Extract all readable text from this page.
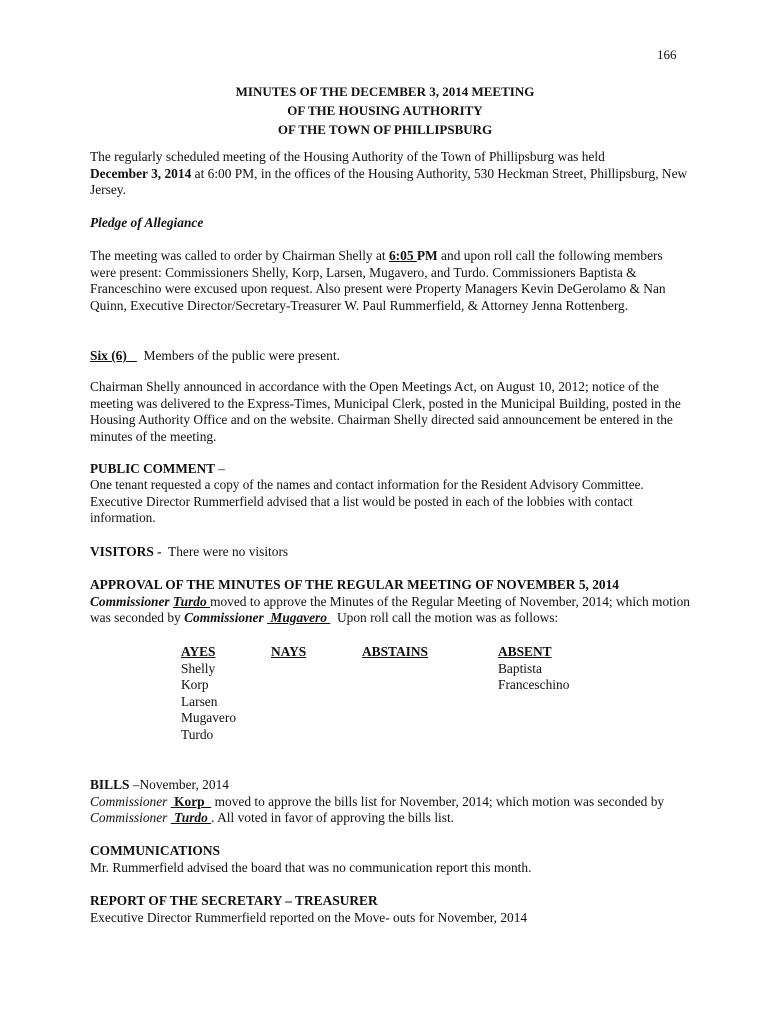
166
MINUTES OF THE DECEMBER 3, 2014 MEETING
OF THE HOUSING AUTHORITY
OF THE TOWN OF PHILLIPSBURG
The regularly scheduled meeting of the Housing Authority of the Town of Phillipsburg was held
December 3, 2014 at 6:00 PM, in the offices of the Housing Authority, 530 Heckman Street, Phillipsburg, New Jersey.
Pledge of Allegiance
The meeting was called to order by Chairman Shelly at 6:05 PM and upon roll call the following members were present: Commissioners Shelly, Korp, Larsen, Mugavero, and Turdo. Commissioners Baptista & Franceschino were excused upon request. Also present were Property Managers Kevin DeGerolamo & Nan Quinn, Executive Director/Secretary-Treasurer W. Paul Rummerfield, & Attorney Jenna Rottenberg.
Six (6)     Members of the public were present.
Chairman Shelly announced in accordance with the Open Meetings Act, on August 10, 2012; notice of the meeting was delivered to the Express-Times, Municipal Clerk, posted in the Municipal Building, posted in the Housing Authority Office and on the website. Chairman Shelly directed said announcement be entered in the minutes of the meeting.
PUBLIC COMMENT –
One tenant requested a copy of the names and contact information for the Resident Advisory Committee. Executive Director Rummerfield advised that a list would be posted in each of the lobbies with contact information.
VISITORS -  There were no visitors
APPROVAL OF THE MINUTES OF THE REGULAR MEETING OF NOVEMBER 5, 2014
Commissioner Turdo moved to approve the Minutes of the Regular Meeting of November, 2014; which motion was seconded by Commissioner  Mugavero   Upon roll call the motion was as follows:
AYES
Shelly
Korp
Larsen
Mugavero
Turdo
NAYS	ABSTAINS	ABSENT
Baptista
Franceschino
BILLS –November, 2014
Commissioner  Korp   moved to approve the bills list for November, 2014; which motion was seconded by Commissioner  Turdo . All voted in favor of approving the bills list.
COMMUNICATIONS
Mr. Rummerfield advised the board that was no communication report this month.
REPORT OF THE SECRETARY – TREASURER
Executive Director Rummerfield reported on the Move- outs for November, 2014
